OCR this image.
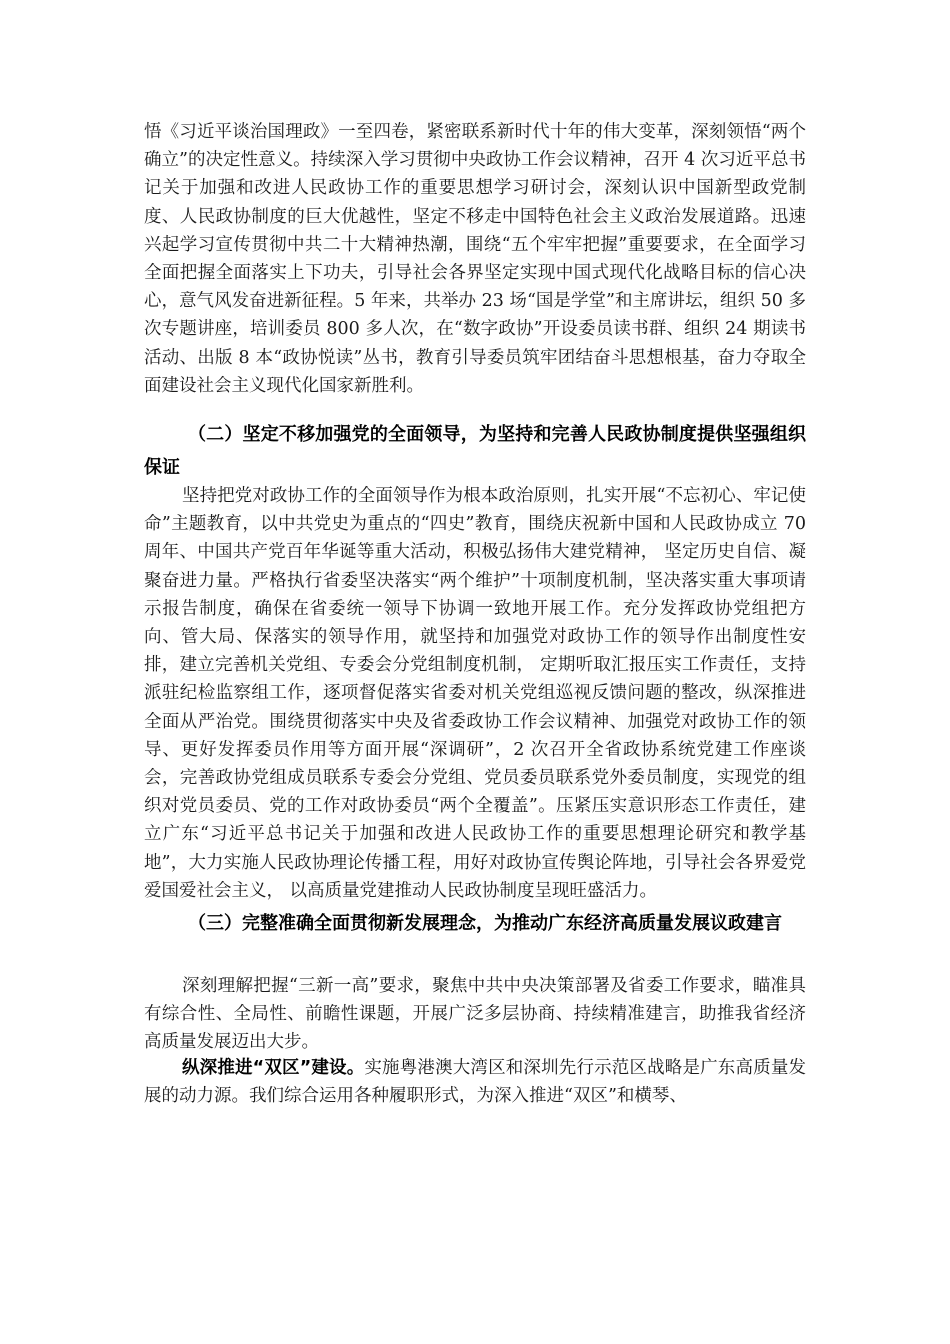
悟《习近平谈治国理政》一至四卷，紧密联系新时代十年的伟大变革，深刻领悟“两个确立”的决定性意义。持续深入学习贯彻中央政协工作会议精神，召开 4 次习近平总书记关于加强和改进人民政协工作的重要思想学习研讨会，深刻认识中国新型政党制度、人民政协制度的巨大优越性，坚定不移走中国特色社会主义政治发展道路。迅速兴起学习宣传贯彻中共二十大精神热潮，围绕“五个牢牢把握”重要要求，在全面学习全面把握全面落实上下功夫，引导社会各界坚定实现中国式现代化战略目标的信心决心，意气风发奋进新征程。5 年来，共举办 23 场“国是学堂”和主席讲坛，组织 50 多次专题讲座，培训委员 800 多人次，在“数字政协”开设委员读书群、组织 24 期读书活动、出版 8 本“政协悦读”丛书，教育引导委员筑牢团结奋斗思想根基，奋力夺取全面建设社会主义现代化国家新胜利。

（二）坚定不移加强党的全面领导，为坚持和完善人民政协制度提供坚强组织保证

坚持把党对政协工作的全面领导作为根本政治原则，扎实开展“不忘初心、牢记使命”主题教育，以中共党史为重点的“四史”教育，围绕庆祝新中国和人民政协成立 70 周年、中国共产党百年华诞等重大活动，积极弘扬伟大建党精神， 坚定历史自信、凝聚奋进力量。严格执行省委坚决落实“两个维护”十项制度机制，坚决落实重大事项请示报告制度，确保在省委统一领导下协调一致地开展工作。充分发挥政协党组把方向、管大局、保落实的领导作用，就坚持和加强党对政协工作的领导作出制度性安排，建立完善机关党组、专委会分党组制度机制， 定期听取汇报压实工作责任，支持派驻纪检监察组工作，逐项督促落实省委对机关党组巡视反馈问题的整改，纵深推进全面从严治党。围绕贯彻落实中央及省委政协工作会议精神、加强党对政协工作的领导、更好发挥委员作用等方面开展“深调研”，2 次召开全省政协系统党建工作座谈会，完善政协党组成员联系专委会分党组、党员委员联系党外委员制度，实现党的组织对党员委员、党的工作对政协委员“两个全覆盖”。压紧压实意识形态工作责任，建立广东“习近平总书记关于加强和改进人民政协工作的重要思想理论研究和教学基地”，大力实施人民政协理论传播工程，用好对政协宣传舆论阵地，引导社会各界爱党爱国爱社会主义， 以高质量党建推动人民政协制度呈现旺盛活力。

（三）完整准确全面贯彻新发展理念，为推动广东经济高质量发展议政建言

深刻理解把握“三新一高”要求，聚焦中共中央决策部署及省委工作要求，瞄准具有综合性、全局性、前瞻性课题，开展广泛多层协商、持续精准建言，助推我省经济高质量发展迈出大步。

纵深推进“双区”建设。实施粤港澳大湾区和深圳先行示范区战略是广东高质量发展的动力源。我们综合运用各种履职形式，为深入推进“双区”和横琴、
